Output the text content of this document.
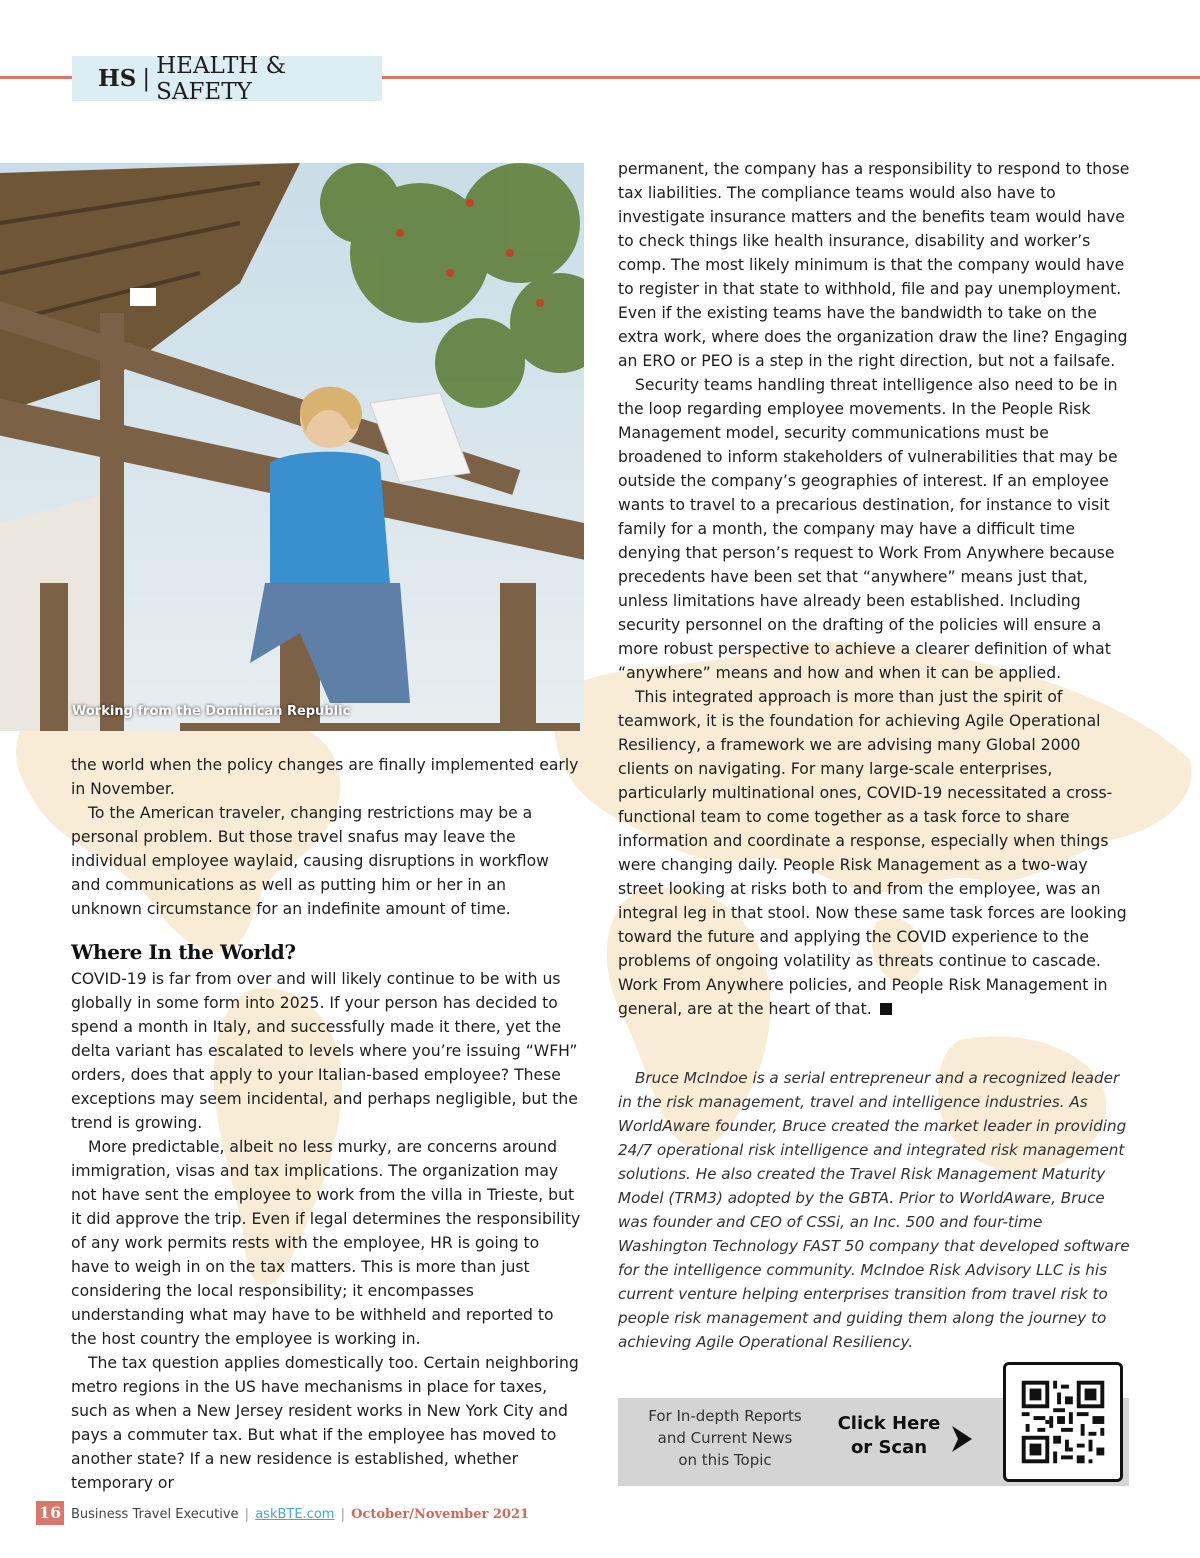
HS | HEALTH & SAFETY
Working from the Dominican Republic

the world when the policy changes are finally implemented early in November.

To the American traveler, changing restrictions may be a personal problem. But those travel snafus may leave the individual employee waylaid, causing disruptions in workflow and communications as well as putting him or her in an unknown circumstance for an indefinite amount of time.

Where In the World?

COVID-19 is far from over and will likely continue to be with us globally in some form into 2025. If your person has decided to spend a month in Italy, and successfully made it there, yet the delta variant has escalated to levels where you’re issuing “WFH” orders, does that apply to your Italian-based employee? These exceptions may seem incidental, and perhaps negligible, but the trend is growing.

More predictable, albeit no less murky, are concerns around immigration, visas and tax implications. The organization may not have sent the employee to work from the villa in Trieste, but it did approve the trip. Even if legal determines the responsibility of any work permits rests with the employee, HR is going to have to weigh in on the tax matters. This is more than just considering the local responsibility; it encompasses understanding what may have to be withheld and reported to the host country the employee is working in.

The tax question applies domestically too. Certain neighboring metro regions in the US have mechanisms in place for taxes, such as when a New Jersey resident works in New York City and pays a commuter tax. But what if the employee has moved to another state? If a new residence is established, whether temporary or

permanent, the company has a responsibility to respond to those tax liabilities. The compliance teams would also have to investigate insurance matters and the benefits team would have to check things like health insurance, disability and worker’s comp. The most likely minimum is that the company would have to register in that state to withhold, file and pay unemployment. Even if the existing teams have the bandwidth to take on the extra work, where does the organization draw the line? Engaging an ERO or PEO is a step in the right direction, but not a failsafe.

Security teams handling threat intelligence also need to be in the loop regarding employee movements. In the People Risk Management model, security communications must be broadened to inform stakeholders of vulnerabilities that may be outside the company’s geographies of interest. If an employee wants to travel to a precarious destination, for instance to visit family for a month, the company may have a difficult time denying that person’s request to Work From Anywhere because precedents have been set that “anywhere” means just that, unless limitations have already been established. Including security personnel on the drafting of the policies will ensure a more robust perspective to achieve a clearer definition of what “anywhere” means and how and when it can be applied.

This integrated approach is more than just the spirit of teamwork, it is the foundation for achieving Agile Operational Resiliency, a framework we are advising many Global 2000 clients on navigating. For many large-scale enterprises, particularly multinational ones, COVID-19 necessitated a cross-functional team to come together as a task force to share information and coordinate a response, especially when things were changing daily. People Risk Management as a two-way street looking at risks both to and from the employee, was an integral leg in that stool. Now these same task forces are looking toward the future and applying the COVID experience to the problems of ongoing volatility as threats continue to cascade. Work From Anywhere policies, and People Risk Management in general, are at the heart of that.

Bruce McIndoe is a serial entrepreneur and a recognized leader in the risk management, travel and intelligence industries. As WorldAware founder, Bruce created the market leader in providing 24/7 operational risk intelligence and integrated risk management solutions. He also created the Travel Risk Management Maturity Model (TRM3) adopted by the GBTA. Prior to WorldAware, Bruce was founder and CEO of CSSi, an Inc. 500 and four-time Washington Technology FAST 50 company that developed software for the intelligence community. McIndoe Risk Advisory LLC is his current venture helping enterprises transition from travel risk to people risk management and guiding them along the journey to achieving Agile Operational Resiliency.

For In-depth Reports
and Current News
on this Topic
Click Here
or Scan
16 Business Travel Executive | askBTE.com | October/November 2021
